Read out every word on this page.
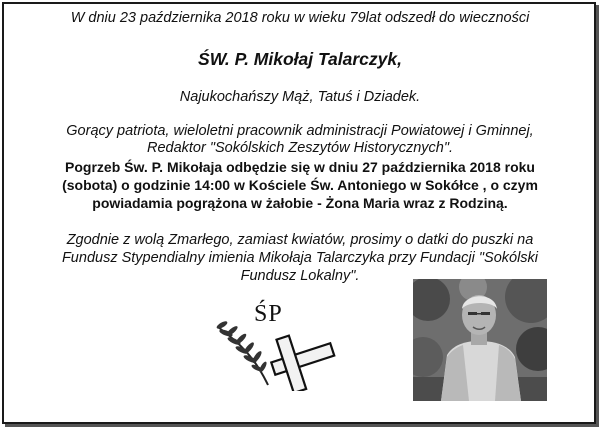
W dniu 23 października 2018 roku w wieku 79lat odszedł do wieczności
ŚW. P. Mikołaj Talarczyk,
Najukochańszy Mąż, Tatuś i Dziadek.
Gorący patriota, wieloletni pracownik administracji Powiatowej i Gminnej,
Redaktor "Sokólskich Zeszytów Historycznych".
Pogrzeb Św. P. Mikołaja odbędzie się w dniu 27 października 2018 roku
(sobota) o godzinie 14:00 w Kościele Św. Antoniego w Sokółce , o czym
powiadamia pogrążona w żałobie - Żona Maria wraz z Rodziną.
Zgodnie z wolą Zmarłego, zamiast kwiatów, prosimy o datki do puszki na
Fundusz Stypendialny imienia Mikołaja Talarczyka przy Fundacji "Sokólski
Fundusz Lokalny".
ŚP
